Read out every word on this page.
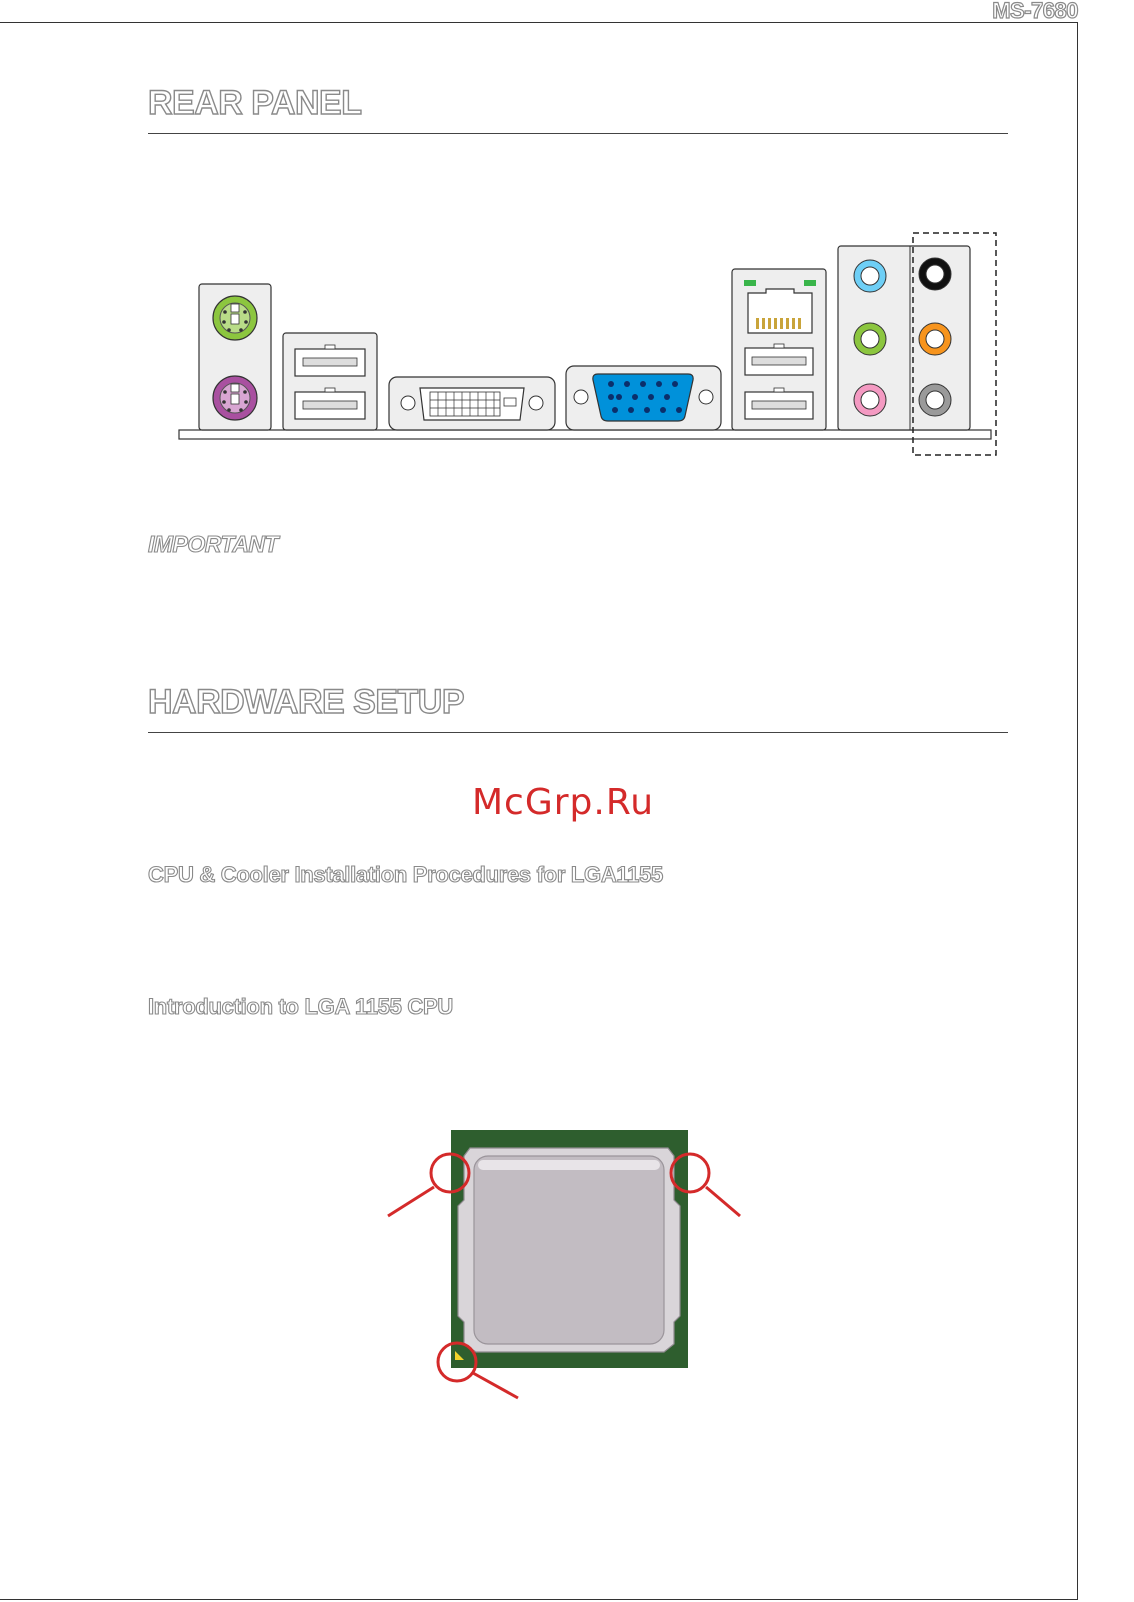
MS-7680
REAR PANEL
IMPORTANT
HARDWARE SETUP
McGrp.Ru
CPU & Cooler Installation Procedures for LGA1155
Introduction to LGA 1155 CPU
